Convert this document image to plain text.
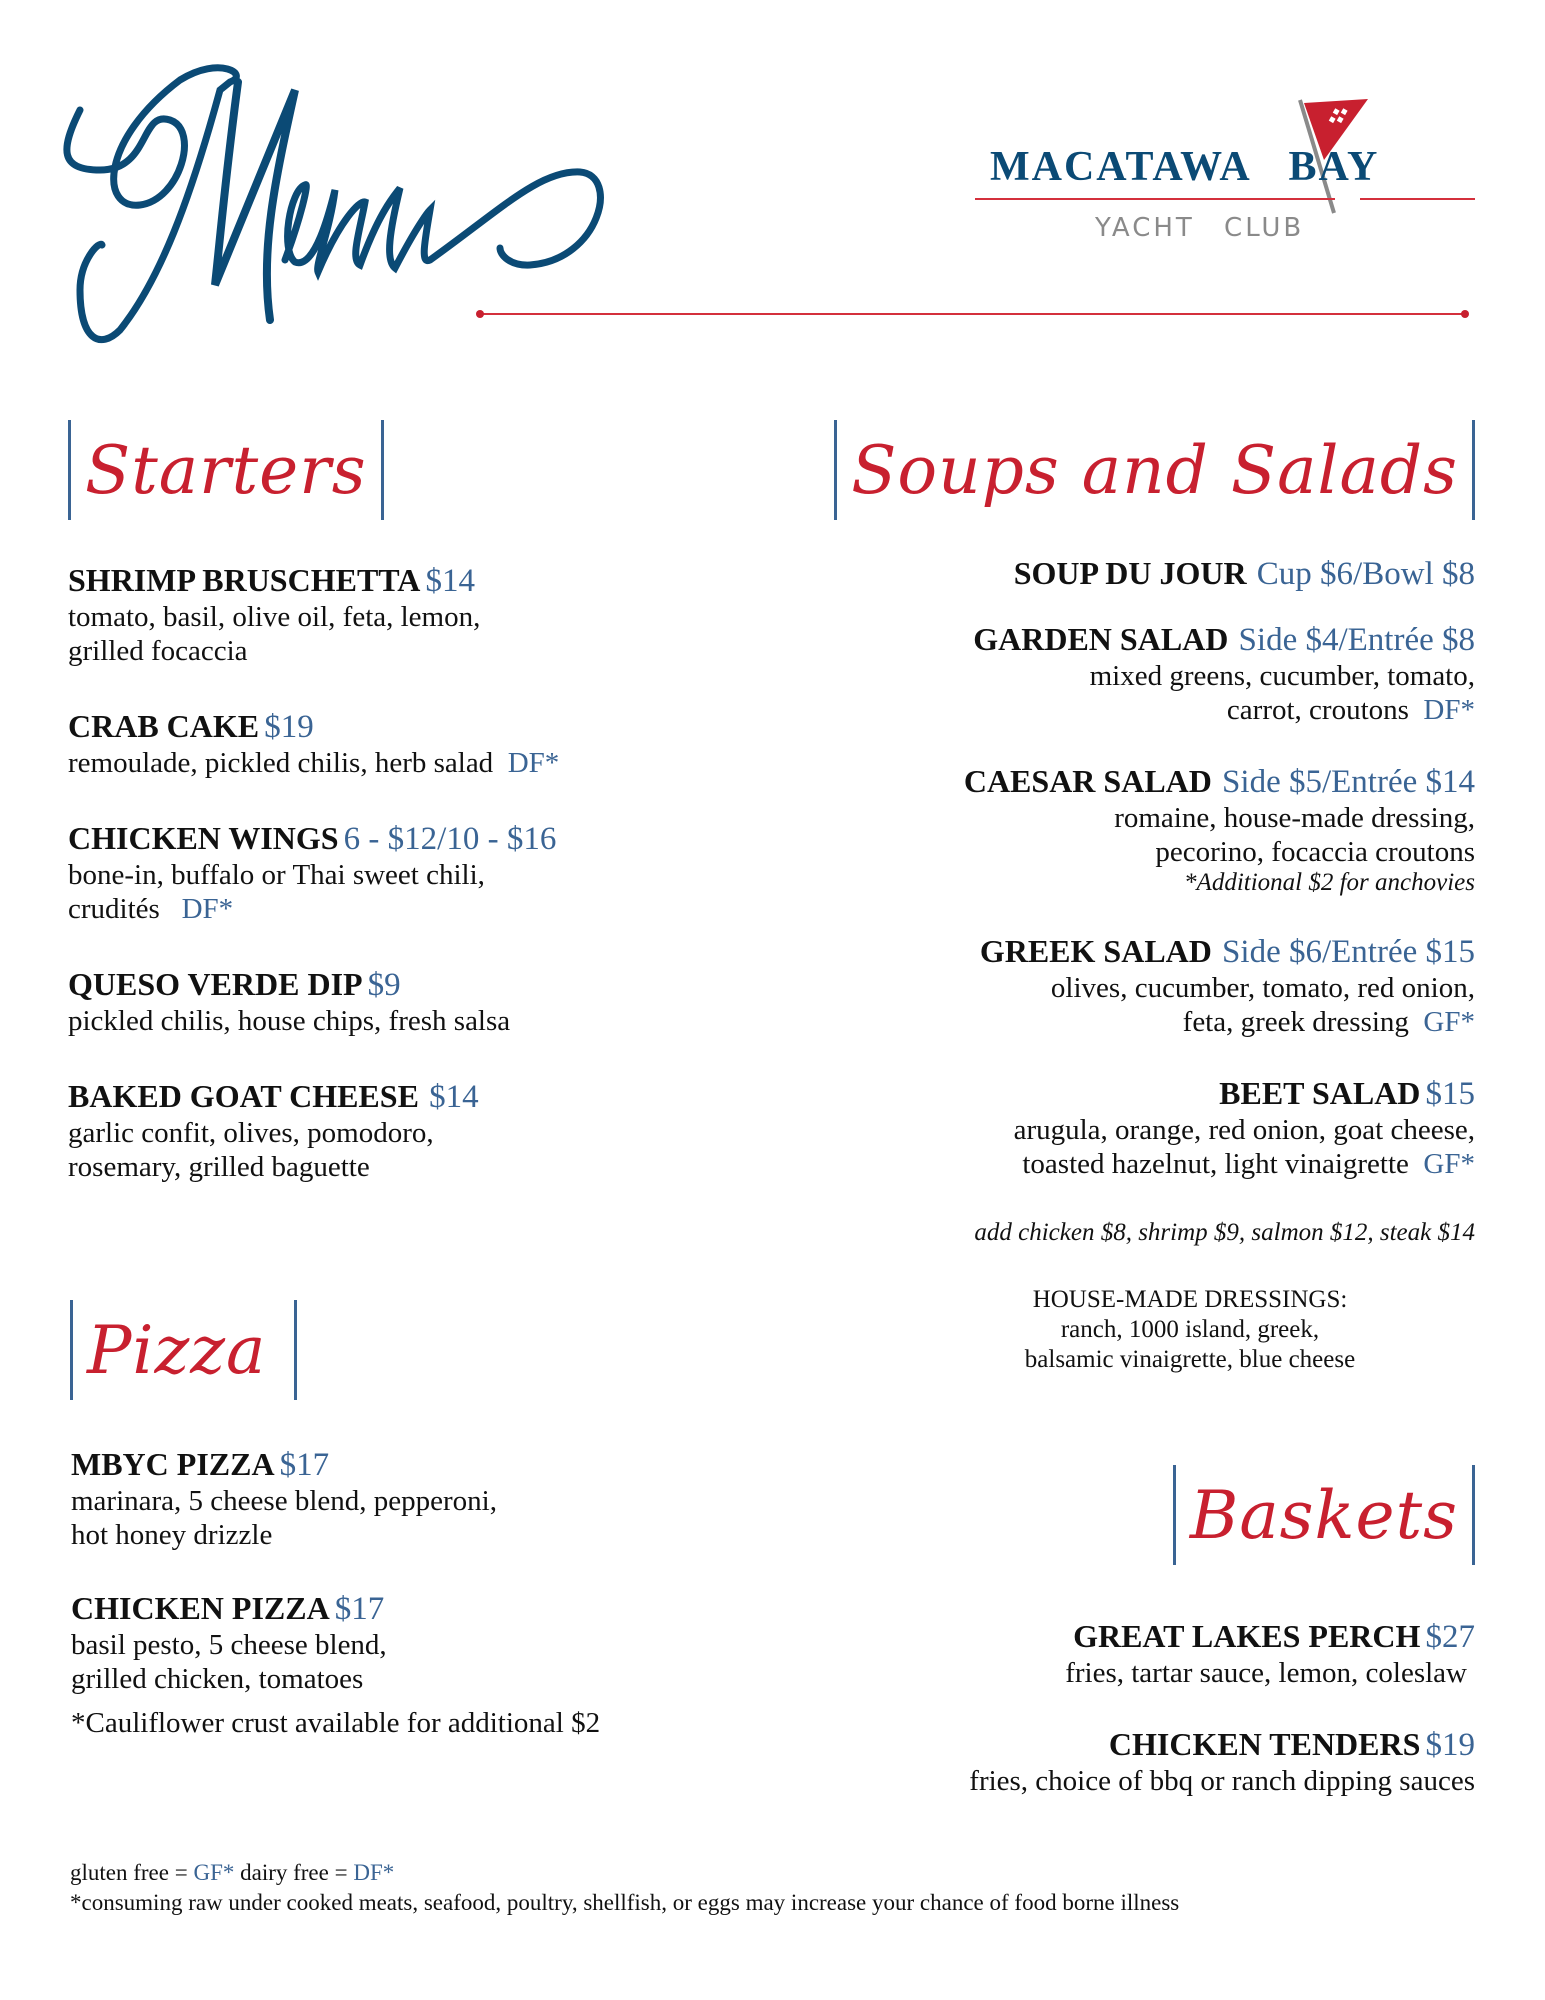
MACATAWA BAY
YACHT CLUB
Starters
SHRIMP BRUSCHETTA $14
tomato, basil, olive oil, feta, lemon,
grilled focaccia
CRAB CAKE $19
remoulade, pickled chilis, herb salad DF*
CHICKEN WINGS 6 - $12/10 - $16
bone-in, buffalo or Thai sweet chili,
crudités DF*
QUESO VERDE DIP $9
pickled chilis, house chips, fresh salsa
BAKED GOAT CHEESE $14
garlic confit, olives, pomodoro,
rosemary, grilled baguette
Soups and Salads
SOUP DU JOUR Cup $6/Bowl $8
GARDEN SALAD Side $4/Entrée $8
mixed greens, cucumber, tomato,
carrot, croutons DF*
CAESAR SALAD Side $5/Entrée $14
romaine, house-made dressing,
pecorino, focaccia croutons
*Additional $2 for anchovies
GREEK SALAD Side $6/Entrée $15
olives, cucumber, tomato, red onion,
feta, greek dressing GF*
BEET SALAD $15
arugula, orange, red onion, goat cheese,
toasted hazelnut, light vinaigrette GF*
add chicken $8, shrimp $9, salmon $12, steak $14
HOUSE-MADE DRESSINGS:
ranch, 1000 island, greek,
balsamic vinaigrette, blue cheese
Pizza
MBYC PIZZA $17
marinara, 5 cheese blend, pepperoni,
hot honey drizzle
CHICKEN PIZZA $17
basil pesto, 5 cheese blend,
grilled chicken, tomatoes
*Cauliflower crust available for additional $2
Baskets
GREAT LAKES PERCH $27
fries, tartar sauce, lemon, coleslaw
CHICKEN TENDERS $19
fries, choice of bbq or ranch dipping sauces
gluten free = GF* dairy free = DF*
*consuming raw under cooked meats, seafood, poultry, shellfish, or eggs may increase your chance of food borne illness
